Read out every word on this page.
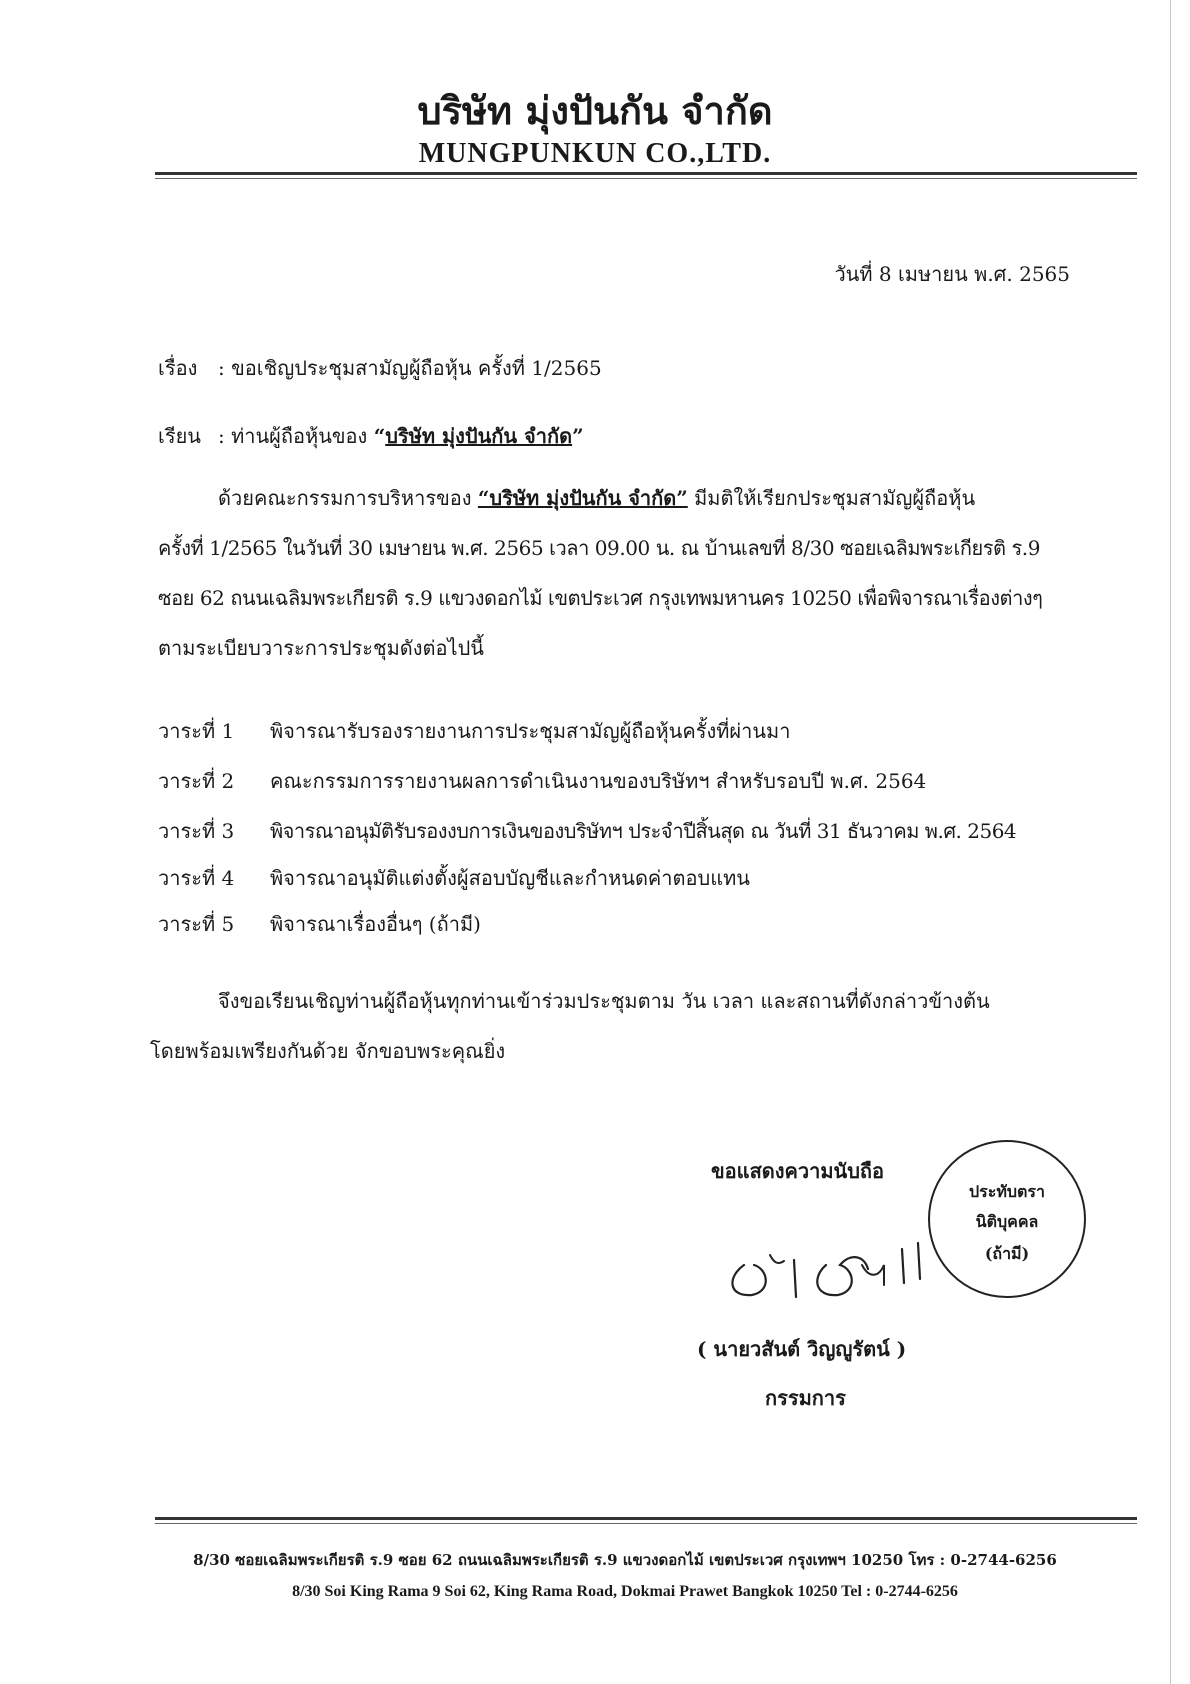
บริษัท มุ่งปันกัน จำกัด
MUNGPUNKUN CO.,LTD.
วันที่ 8 เมษายน พ.ศ. 2565
เรื่อง : ขอเชิญประชุมสามัญผู้ถือหุ้น ครั้งที่ 1/2565
เรียน : ท่านผู้ถือหุ้นของ “บริษัท มุ่งปันกัน จำกัด”
ด้วยคณะกรรมการบริหารของ “บริษัท มุ่งปันกัน จำกัด” มีมติให้เรียกประชุมสามัญผู้ถือหุ้น
ครั้งที่ 1/2565 ในวันที่ 30 เมษายน พ.ศ. 2565 เวลา 09.00 น. ณ บ้านเลขที่ 8/30 ซอยเฉลิมพระเกียรติ ร.9
ซอย 62 ถนนเฉลิมพระเกียรติ ร.9 แขวงดอกไม้ เขตประเวศ กรุงเทพมหานคร 10250 เพื่อพิจารณาเรื่องต่างๆ
ตามระเบียบวาระการประชุมดังต่อไปนี้
วาระที่ 1 พิจารณารับรองรายงานการประชุมสามัญผู้ถือหุ้นครั้งที่ผ่านมา
วาระที่ 2 คณะกรรมการรายงานผลการดำเนินงานของบริษัทฯ สำหรับรอบปี พ.ศ. 2564
วาระที่ 3 พิจารณาอนุมัติรับรองงบการเงินของบริษัทฯ ประจำปีสิ้นสุด ณ วันที่ 31 ธันวาคม พ.ศ. 2564
วาระที่ 4 พิจารณาอนุมัติแต่งตั้งผู้สอบบัญชีและกำหนดค่าตอบแทน
วาระที่ 5 พิจารณาเรื่องอื่นๆ (ถ้ามี)
จึงขอเรียนเชิญท่านผู้ถือหุ้นทุกท่านเข้าร่วมประชุมตาม วัน เวลา และสถานที่ดังกล่าวข้างต้น
โดยพร้อมเพรียงกันด้วย จักขอบพระคุณยิ่ง
ขอแสดงความนับถือ
ประทับตรา
นิติบุคคล
(ถ้ามี)
( นายวสันต์ วิญญูรัตน์ )
กรรมการ
8/30 ซอยเฉลิมพระเกียรติ ร.9 ซอย 62 ถนนเฉลิมพระเกียรติ ร.9 แขวงดอกไม้ เขตประเวศ กรุงเทพฯ 10250 โทร : 0-2744-6256
8/30 Soi King Rama 9 Soi 62, King Rama Road, Dokmai Prawet Bangkok 10250 Tel : 0-2744-6256
